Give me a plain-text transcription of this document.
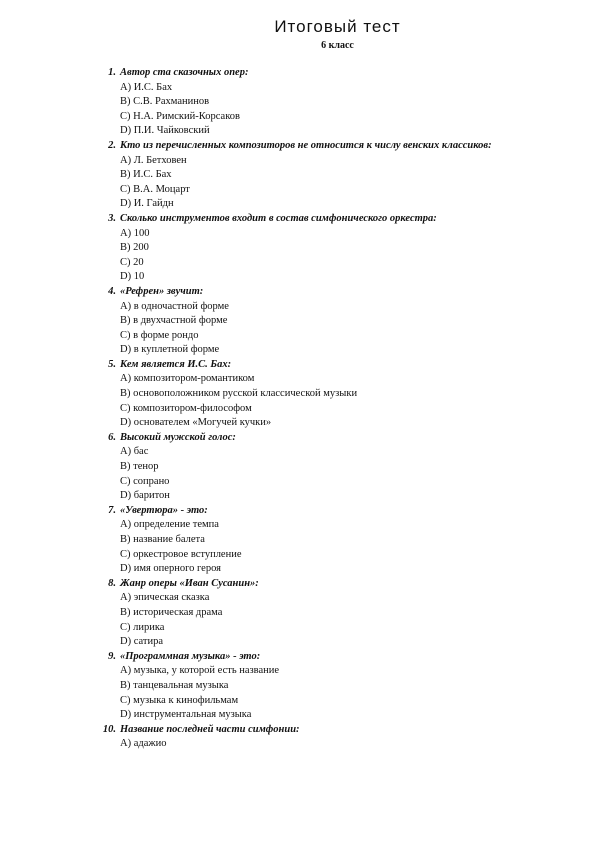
Итоговый тест
6 класс
1. Автор ста сказочных опер:
А) И.С. Бах
В) С.В. Рахманинов
С) Н.А. Римский-Корсаков
D) П.И. Чайковский
2. Кто из перечисленных композиторов не относится к числу венских классиков:
А) Л. Бетховен
В) И.С. Бах
С) В.А. Моцарт
D) И. Гайдн
3. Сколько инструментов входит в состав симфонического оркестра:
А) 100
В) 200
С) 20
D) 10
4. «Рефрен» звучит:
А) в одночастной форме
В) в двухчастной форме
С) в форме рондо
D) в куплетной форме
5. Кем является И.С. Бах:
А) композитором-романтиком
В) основоположником русской классической музыки
С) композитором-философом
D) основателем «Могучей кучки»
6. Высокий мужской голос:
А) бас
В) тенор
С) сопрано
D) баритон
7. «Увертюра» - это:
А) определение темпа
В) название балета
С) оркестровое вступление
D) имя оперного героя
8. Жанр оперы «Иван Сусанин»:
А) эпическая сказка
В) историческая драма
С) лирика
D) сатира
9. «Программная музыка» - это:
А) музыка, у которой есть название
В) танцевальная музыка
С) музыка к кинофильмам
D) инструментальная музыка
10. Название последней части симфонии:
А) адажио
